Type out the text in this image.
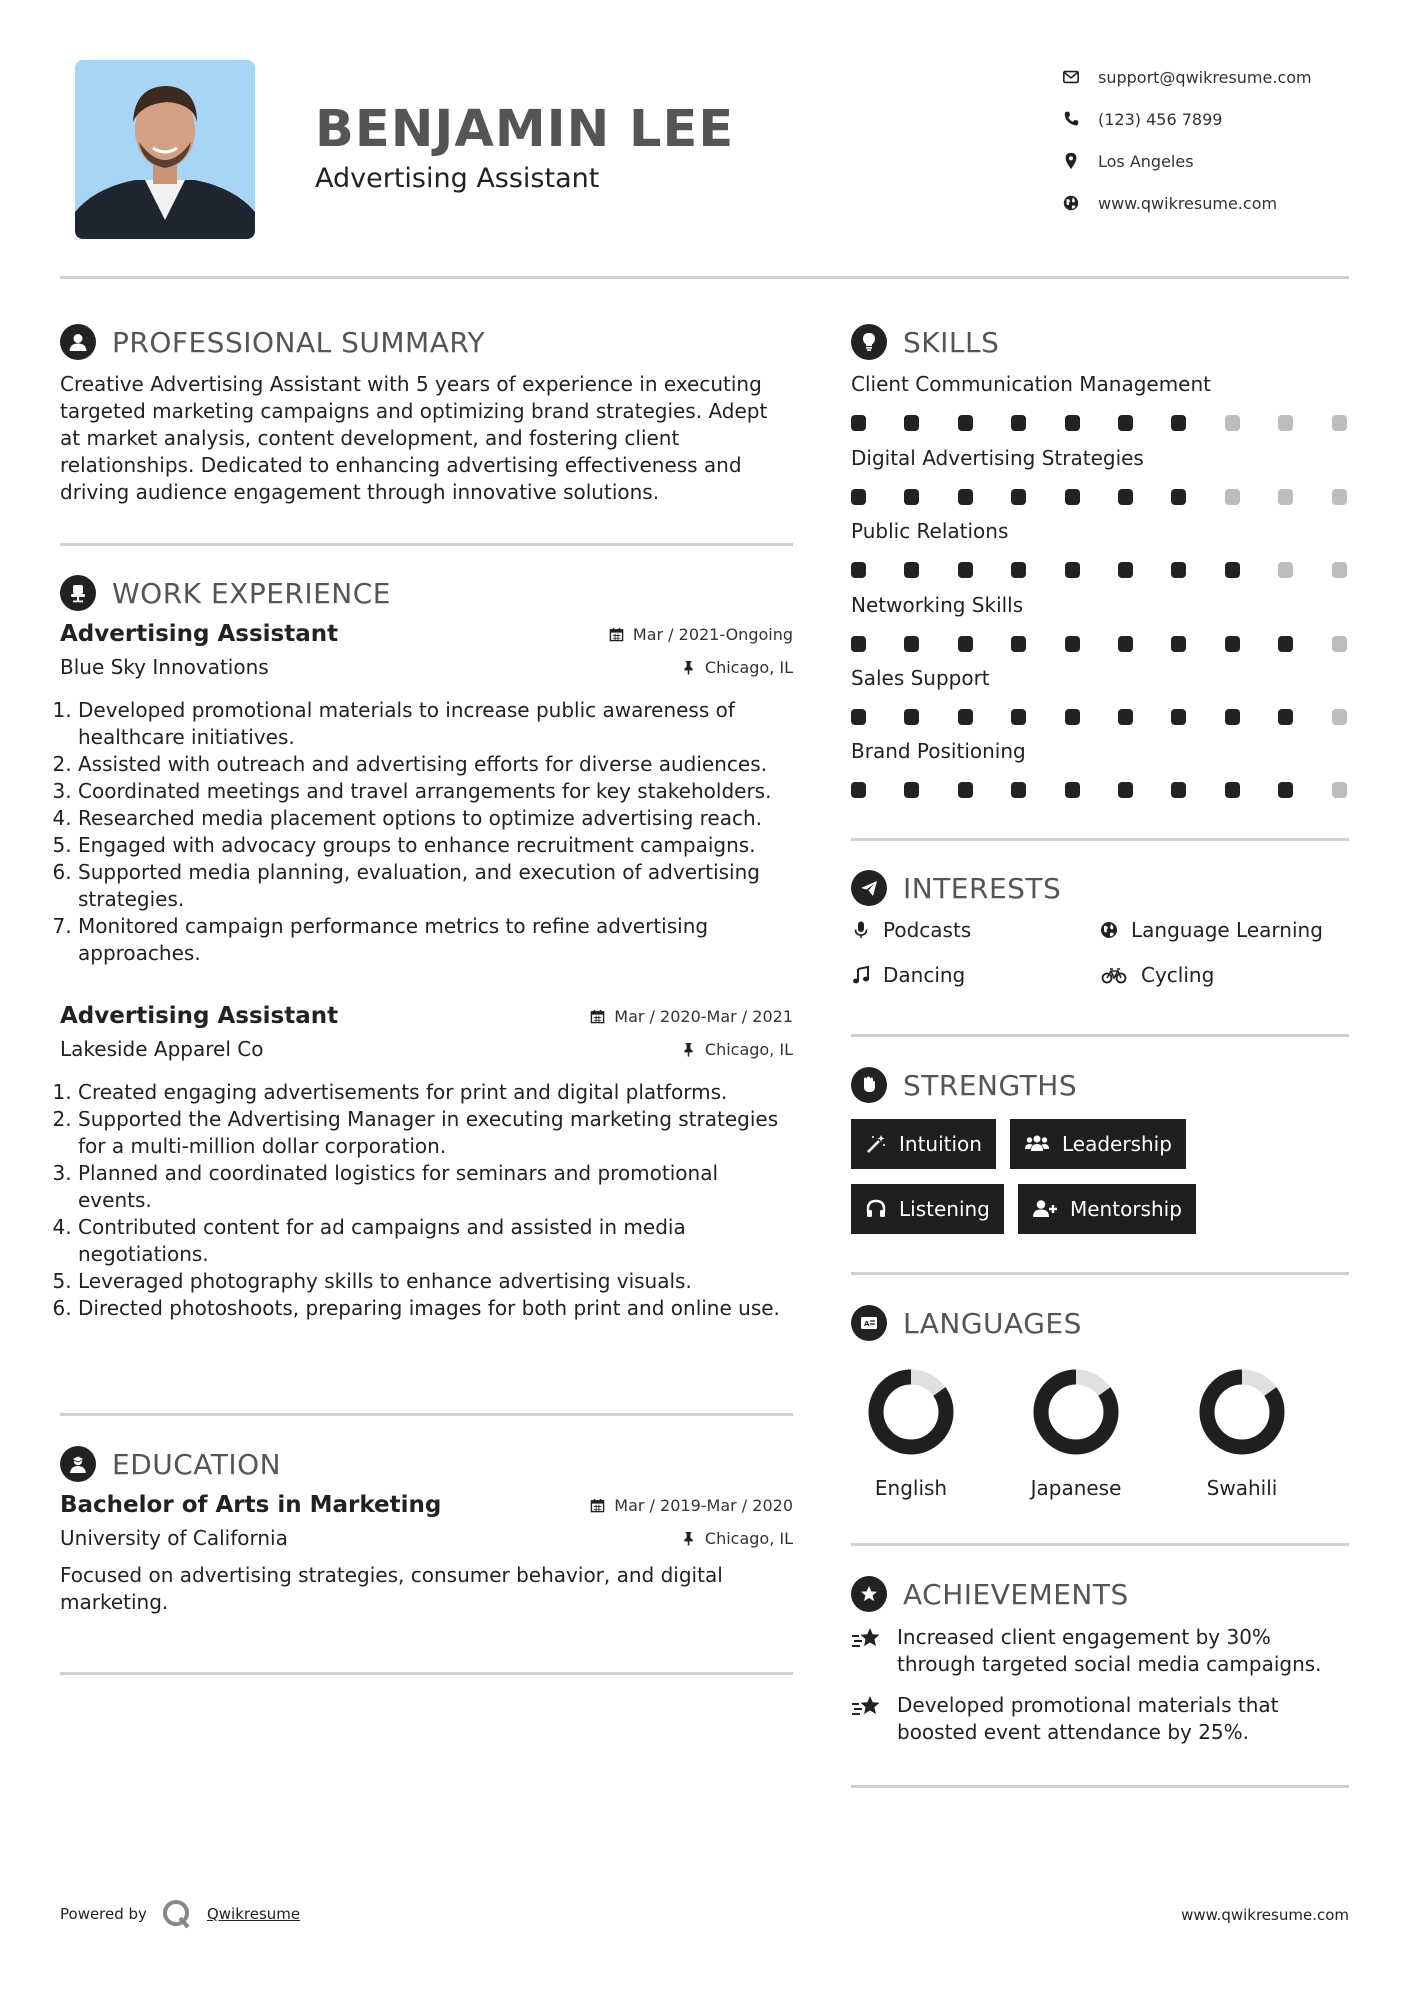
BENJAMIN LEE
Advertising Assistant
support@qwikresume.com
(123) 456 7899
Los Angeles
www.qwikresume.com
PROFESSIONAL SUMMARY
Creative Advertising Assistant with 5 years of experience in executing
targeted marketing campaigns and optimizing brand strategies. Adept
at market analysis, content development, and fostering client
relationships. Dedicated to enhancing advertising effectiveness and
driving audience engagement through innovative solutions.
WORK EXPERIENCE
Advertising Assistant	Mar / 2021-Ongoing
Blue Sky Innovations	Chicago, IL
1. Developed promotional materials to increase public awareness of healthcare initiatives.
2. Assisted with outreach and advertising efforts for diverse audiences.
3. Coordinated meetings and travel arrangements for key stakeholders.
4. Researched media placement options to optimize advertising reach.
5. Engaged with advocacy groups to enhance recruitment campaigns.
6. Supported media planning, evaluation, and execution of advertising strategies.
7. Monitored campaign performance metrics to refine advertising approaches.
Advertising Assistant	Mar / 2020-Mar / 2021
Lakeside Apparel Co	Chicago, IL
1. Created engaging advertisements for print and digital platforms.
2. Supported the Advertising Manager in executing marketing strategies for a multi-million dollar corporation.
3. Planned and coordinated logistics for seminars and promotional events.
4. Contributed content for ad campaigns and assisted in media negotiations.
5. Leveraged photography skills to enhance advertising visuals.
6. Directed photoshoots, preparing images for both print and online use.
EDUCATION
Bachelor of Arts in Marketing	Mar / 2019-Mar / 2020
University of California	Chicago, IL
Focused on advertising strategies, consumer behavior, and digital marketing.
SKILLS
Client Communication Management
Digital Advertising Strategies
Public Relations
Networking Skills
Sales Support
Brand Positioning
INTERESTS
Podcasts	Language Learning
Dancing	Cycling
STRENGTHS
Intuition	Leadership
Listening	Mentorship
A LANGUAGES
English	Japanese	Swahili
ACHIEVEMENTS
Increased client engagement by 30%
through targeted social media campaigns.
Developed promotional materials that
boosted event attendance by 25%.
Powered by	Qwikresume	www.qwikresume.com
